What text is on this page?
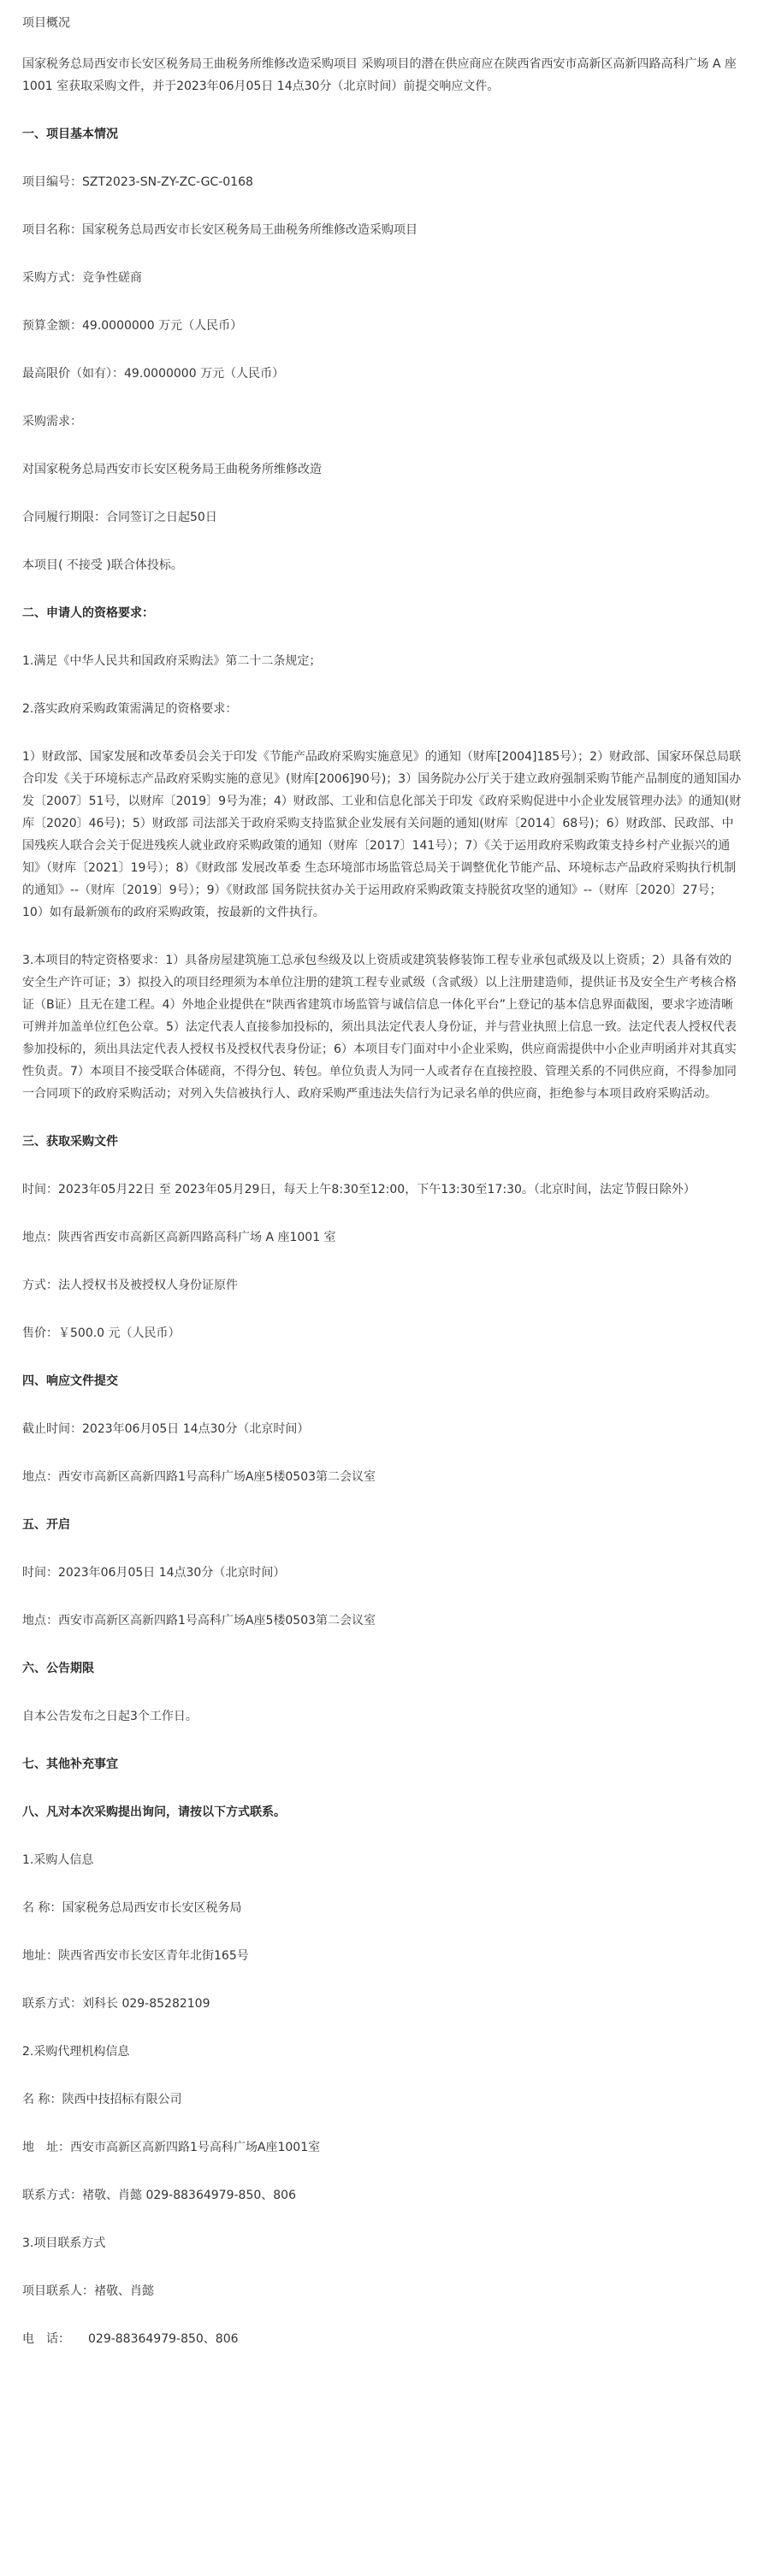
项目概况

国家税务总局西安市长安区税务局王曲税务所维修改造采购项目 采购项目的潜在供应商应在陕西省西安市高新区高新四路高科广场 A 座1001 室获取采购文件，并于2023年06月05日 14点30分（北京时间）前提交响应文件。

一、项目基本情况

项目编号：SZT2023-SN-ZY-ZC-GC-0168

项目名称：国家税务总局西安市长安区税务局王曲税务所维修改造采购项目

采购方式：竞争性磋商

预算金额：49.0000000 万元（人民币）

最高限价（如有）：49.0000000 万元（人民币）

采购需求：

对国家税务总局西安市长安区税务局王曲税务所维修改造

合同履行期限：合同签订之日起50日

本项目( 不接受 )联合体投标。

二、申请人的资格要求：

1.满足《中华人民共和国政府采购法》第二十二条规定；

2.落实政府采购政策需满足的资格要求：

1）财政部、国家发展和改革委员会关于印发《节能产品政府采购实施意见》的通知（财库[2004]185号）；2）财政部、国家环保总局联合印发《关于环境标志产品政府采购实施的意见》(财库[2006]90号)；3）国务院办公厅关于建立政府强制采购节能产品制度的通知国办发〔2007〕51号，以财库〔2019〕9号为准；4）财政部、工业和信息化部关于印发《政府采购促进中小企业发展管理办法》的通知(财库〔2020〕46号)；5）财政部 司法部关于政府采购支持监狱企业发展有关问题的通知(财库〔2014〕68号)；6）财政部、民政部、中国残疾人联合会关于促进残疾人就业政府采购政策的通知（财库〔2017〕141号）；7）《关于运用政府采购政策支持乡村产业振兴的通知》（财库〔2021〕19号）；8）《财政部 发展改革委 生态环境部市场监管总局关于调整优化节能产品、环境标志产品政府采购执行机制的通知》--（财库〔2019〕9号）；9）《财政部 国务院扶贫办关于运用政府采购政策支持脱贫攻坚的通知》--（财库〔2020〕27号；10）如有最新颁布的政府采购政策，按最新的文件执行。

3.本项目的特定资格要求：1）具备房屋建筑施工总承包叁级及以上资质或建筑装修装饰工程专业承包贰级及以上资质；2）具备有效的安全生产许可证；3）拟投入的项目经理须为本单位注册的建筑工程专业贰级（含贰级）以上注册建造师，提供证书及安全生产考核合格证（B证）且无在建工程。4）外地企业提供在“陕西省建筑市场监管与诚信信息一体化平台”上登记的基本信息界面截图，要求字迹清晰可辨并加盖单位红色公章。5）法定代表人直接参加投标的，须出具法定代表人身份证，并与营业执照上信息一致。法定代表人授权代表参加投标的，须出具法定代表人授权书及授权代表身份证；6）本项目专门面对中小企业采购，供应商需提供中小企业声明函并对其真实性负责。7）本项目不接受联合体磋商，不得分包、转包。单位负责人为同一人或者存在直接控股、管理关系的不同供应商，不得参加同一合同项下的政府采购活动；对列入失信被执行人、政府采购严重违法失信行为记录名单的供应商，拒绝参与本项目政府采购活动。

三、获取采购文件

时间：2023年05月22日 至 2023年05月29日，每天上午8:30至12:00，下午13:30至17:30。（北京时间，法定节假日除外）

地点：陕西省西安市高新区高新四路高科广场 A 座1001 室

方式：法人授权书及被授权人身份证原件

售价：￥500.0 元（人民币）

四、响应文件提交

截止时间：2023年06月05日 14点30分（北京时间）

地点：西安市高新区高新四路1号高科广场A座5楼0503第二会议室

五、开启

时间：2023年06月05日 14点30分（北京时间）

地点：西安市高新区高新四路1号高科广场A座5楼0503第二会议室

六、公告期限

自本公告发布之日起3个工作日。

七、其他补充事宜

八、凡对本次采购提出询问，请按以下方式联系。

1.采购人信息

名 称：国家税务总局西安市长安区税务局

地址：陕西省西安市长安区青年北街165号

联系方式：刘科长 029-85282109

2.采购代理机构信息

名 称：陕西中技招标有限公司

地　址：西安市高新区高新四路1号高科广场A座1001室

联系方式：褚敬、肖懿 029-88364979-850、806

3.项目联系方式

项目联系人：褚敬、肖懿

电　话：　　029-88364979-850、806
